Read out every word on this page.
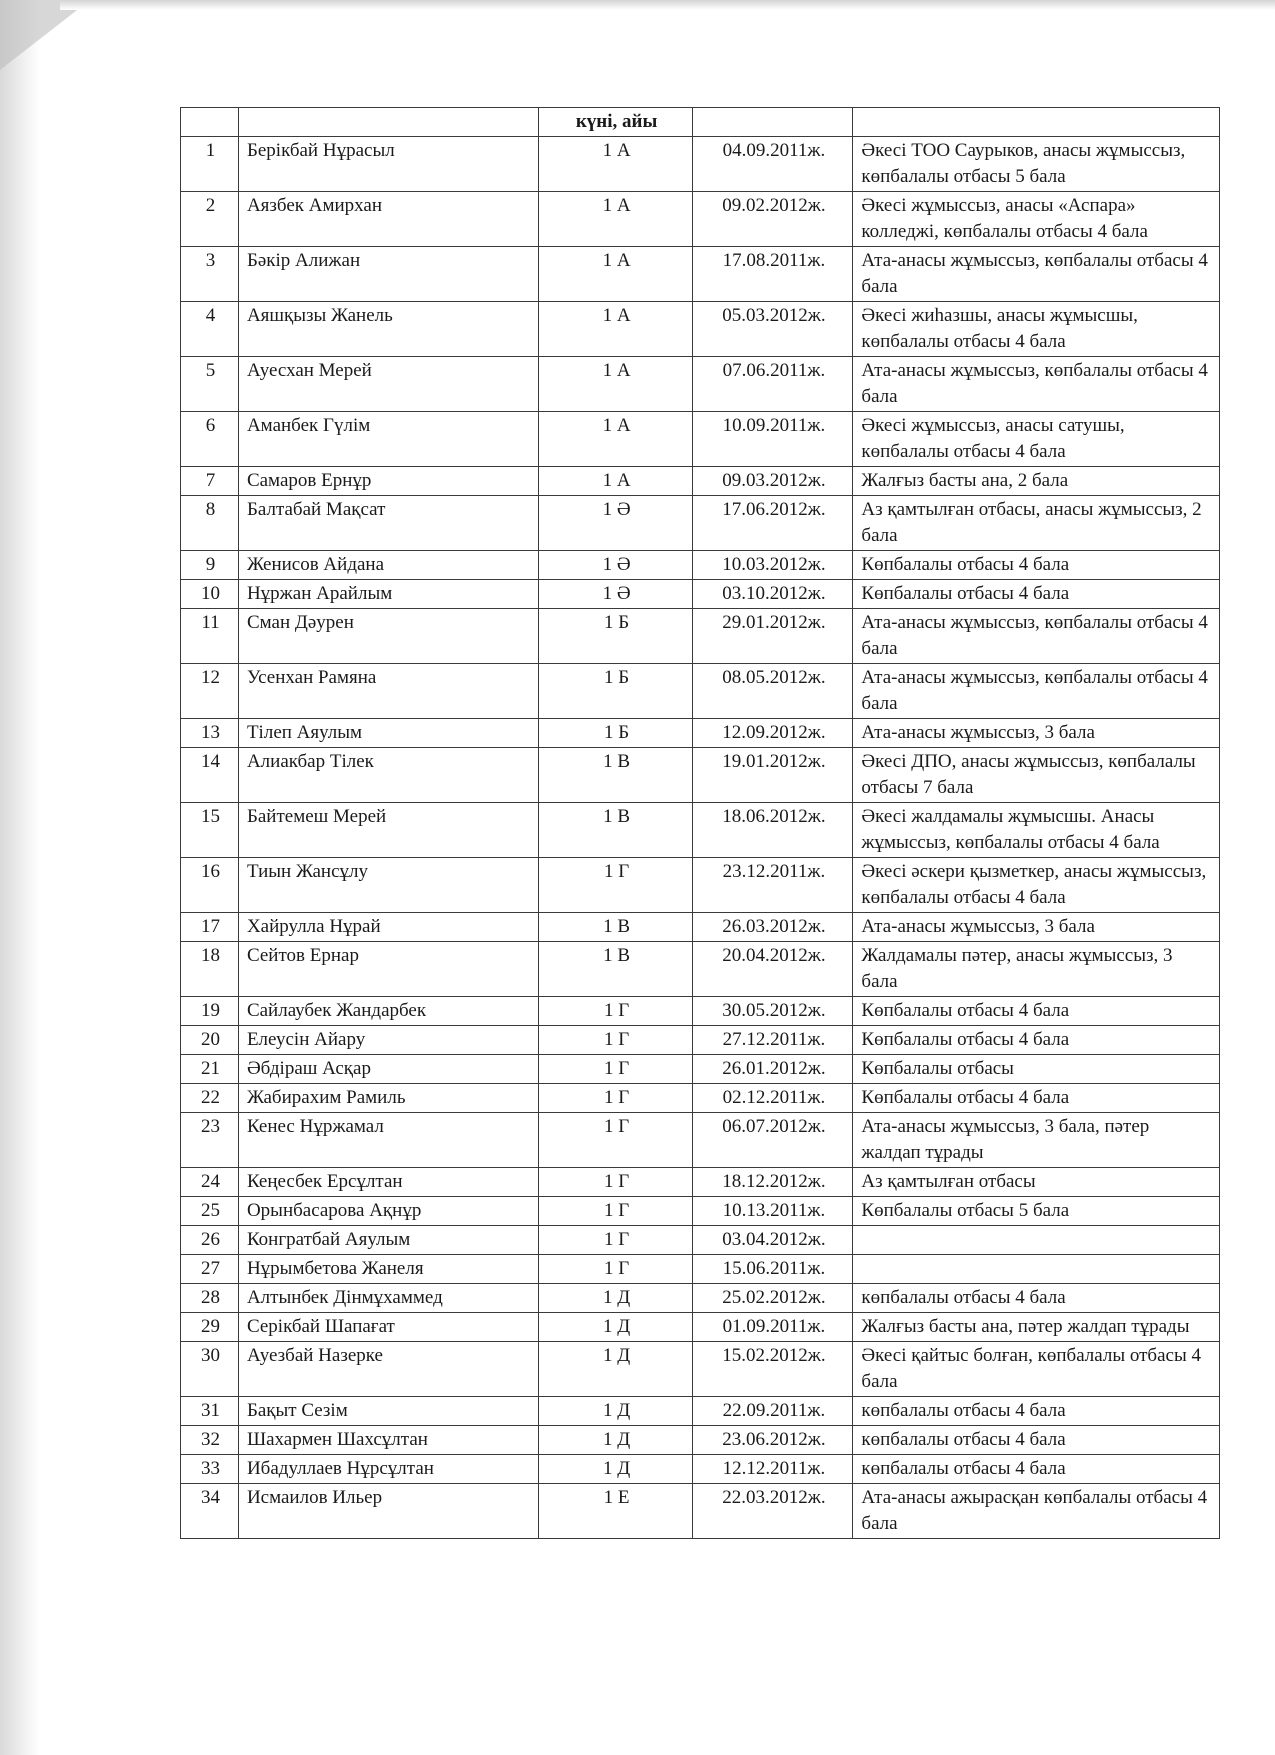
		күні, айы		
1	Берікбай Нұрасыл	1 А	04.09.2011ж.	Әкесі ТОО Саурыков, анасы жұмыссыз, көпбалалы отбасы 5 бала
2	Аязбек Амирхан	1 А	09.02.2012ж.	Әкесі жұмыссыз, анасы «Аспара» колледжі, көпбалалы отбасы 4 бала
3	Бәкір Алижан	1 А	17.08.2011ж.	Ата-анасы жұмыссыз, көпбалалы отбасы 4 бала
4	Аяшқызы Жанель	1 А	05.03.2012ж.	Әкесі жиһазшы, анасы жұмысшы, көпбалалы отбасы 4 бала
5	Ауесхан Мерей	1 А	07.06.2011ж.	Ата-анасы жұмыссыз, көпбалалы отбасы 4 бала
6	Аманбек Гүлім	1 А	10.09.2011ж.	Әкесі жұмыссыз, анасы сатушы, көпбалалы отбасы 4 бала
7	Самаров Ернұр	1 А	09.03.2012ж.	Жалғыз басты ана, 2 бала
8	Балтабай Мақсат	1 Ә	17.06.2012ж.	Аз қамтылған отбасы, анасы жұмыссыз, 2 бала
9	Женисов Айдана	1 Ә	10.03.2012ж.	Көпбалалы отбасы 4 бала
10	Нұржан Арайлым	1 Ә	03.10.2012ж.	Көпбалалы отбасы 4 бала
11	Сман Дәурен	1 Б	29.01.2012ж.	Ата-анасы жұмыссыз, көпбалалы отбасы 4 бала
12	Усенхан Рамяна	1 Б	08.05.2012ж.	Ата-анасы жұмыссыз, көпбалалы отбасы 4 бала
13	Тілеп Аяулым	1 Б	12.09.2012ж.	Ата-анасы жұмыссыз, 3 бала
14	Алиакбар Тілек	1 В	19.01.2012ж.	Әкесі ДПО, анасы жұмыссыз, көпбалалы отбасы 7 бала
15	Байтемеш Мерей	1 В	18.06.2012ж.	Әкесі жалдамалы жұмысшы. Анасы жұмыссыз, көпбалалы отбасы 4 бала
16	Тиын Жансұлу	1 Г	23.12.2011ж.	Әкесі әскери қызметкер, анасы жұмыссыз, көпбалалы отбасы 4 бала
17	Хайрулла Нұрай	1 В	26.03.2012ж.	Ата-анасы жұмыссыз, 3 бала
18	Сейтов Ернар	1 В	20.04.2012ж.	Жалдамалы пәтер, анасы жұмыссыз, 3 бала
19	Сайлаубек Жандарбек	1 Г	30.05.2012ж.	Көпбалалы отбасы 4 бала
20	Елеусін Айару	1 Г	27.12.2011ж.	Көпбалалы отбасы 4 бала
21	Әбдіраш Асқар	1 Г	26.01.2012ж.	Көпбалалы отбасы
22	Жабирахим Рамиль	1 Г	02.12.2011ж.	Көпбалалы отбасы 4 бала
23	Кенес Нұржамал	1 Г	06.07.2012ж.	Ата-анасы жұмыссыз, 3 бала, пәтер жалдап тұрады
24	Кеңесбек Ерсұлтан	1 Г	18.12.2012ж.	Аз қамтылған отбасы
25	Орынбасарова Ақнұр	1 Г	10.13.2011ж.	Көпбалалы отбасы 5 бала
26	Конгратбай Аяулым	1 Г	03.04.2012ж.	
27	Нұрымбетова Жанеля	1 Г	15.06.2011ж.	
28	Алтынбек Дінмұхаммед	1 Д	25.02.2012ж.	көпбалалы отбасы 4 бала
29	Серікбай Шапағат	1 Д	01.09.2011ж.	Жалғыз басты ана, пәтер жалдап тұрады
30	Ауезбай Назерке	1 Д	15.02.2012ж.	Әкесі қайтыс болған, көпбалалы отбасы 4 бала
31	Бақыт Сезім	1 Д	22.09.2011ж.	көпбалалы отбасы 4 бала
32	Шахармен Шахсұлтан	1 Д	23.06.2012ж.	көпбалалы отбасы 4 бала
33	Ибадуллаев Нұрсұлтан	1 Д	12.12.2011ж.	көпбалалы отбасы 4 бала
34	Исмаилов Ильер	1 Е	22.03.2012ж.	Ата-анасы ажырасқан көпбалалы отбасы 4 бала
